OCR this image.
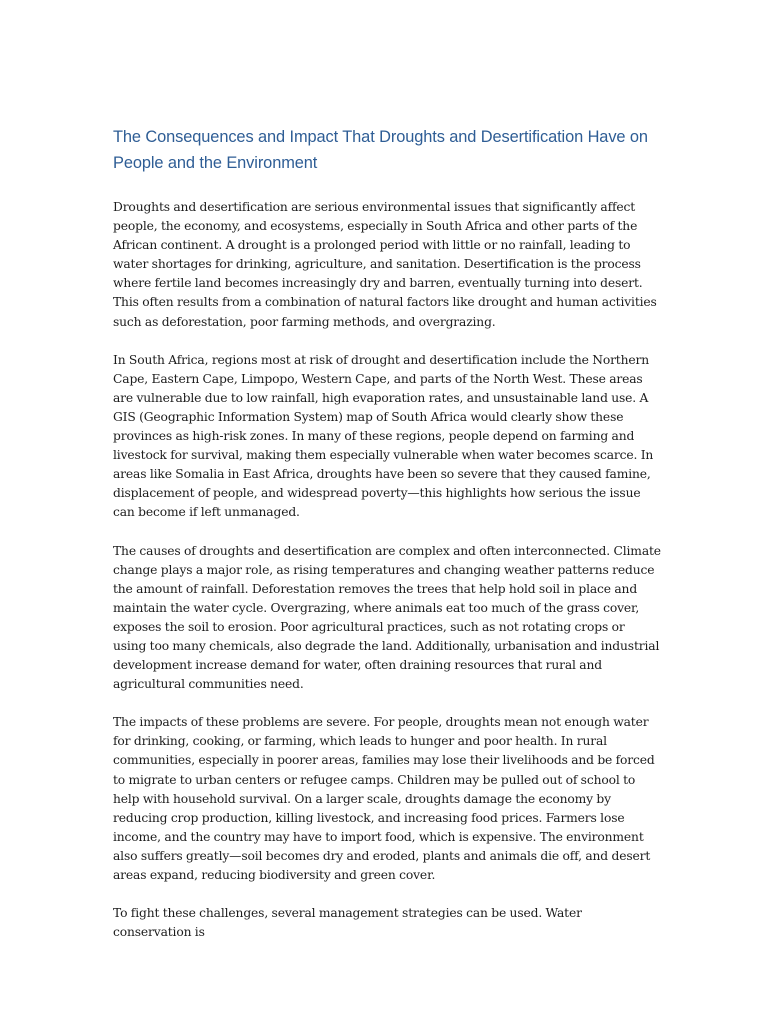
The Consequences and Impact That Droughts and Desertification Have on People and the Environment

Droughts and desertification are serious environmental issues that significantly affect people, the economy, and ecosystems, especially in South Africa and other parts of the African continent. A drought is a prolonged period with little or no rainfall, leading to water shortages for drinking, agriculture, and sanitation. Desertification is the process where fertile land becomes increasingly dry and barren, eventually turning into desert. This often results from a combination of natural factors like drought and human activities such as deforestation, poor farming methods, and overgrazing.

In South Africa, regions most at risk of drought and desertification include the Northern Cape, Eastern Cape, Limpopo, Western Cape, and parts of the North West. These areas are vulnerable due to low rainfall, high evaporation rates, and unsustainable land use. A GIS (Geographic Information System) map of South Africa would clearly show these provinces as high-risk zones. In many of these regions, people depend on farming and livestock for survival, making them especially vulnerable when water becomes scarce. In areas like Somalia in East Africa, droughts have been so severe that they caused famine, displacement of people, and widespread poverty—this highlights how serious the issue can become if left unmanaged.

The causes of droughts and desertification are complex and often interconnected. Climate change plays a major role, as rising temperatures and changing weather patterns reduce the amount of rainfall. Deforestation removes the trees that help hold soil in place and maintain the water cycle. Overgrazing, where animals eat too much of the grass cover, exposes the soil to erosion. Poor agricultural practices, such as not rotating crops or using too many chemicals, also degrade the land. Additionally, urbanisation and industrial development increase demand for water, often draining resources that rural and agricultural communities need.

The impacts of these problems are severe. For people, droughts mean not enough water for drinking, cooking, or farming, which leads to hunger and poor health. In rural communities, especially in poorer areas, families may lose their livelihoods and be forced to migrate to urban centers or refugee camps. Children may be pulled out of school to help with household survival. On a larger scale, droughts damage the economy by reducing crop production, killing livestock, and increasing food prices. Farmers lose income, and the country may have to import food, which is expensive. The environment also suffers greatly—soil becomes dry and eroded, plants and animals die off, and desert areas expand, reducing biodiversity and green cover.

To fight these challenges, several management strategies can be used. Water conservation is
